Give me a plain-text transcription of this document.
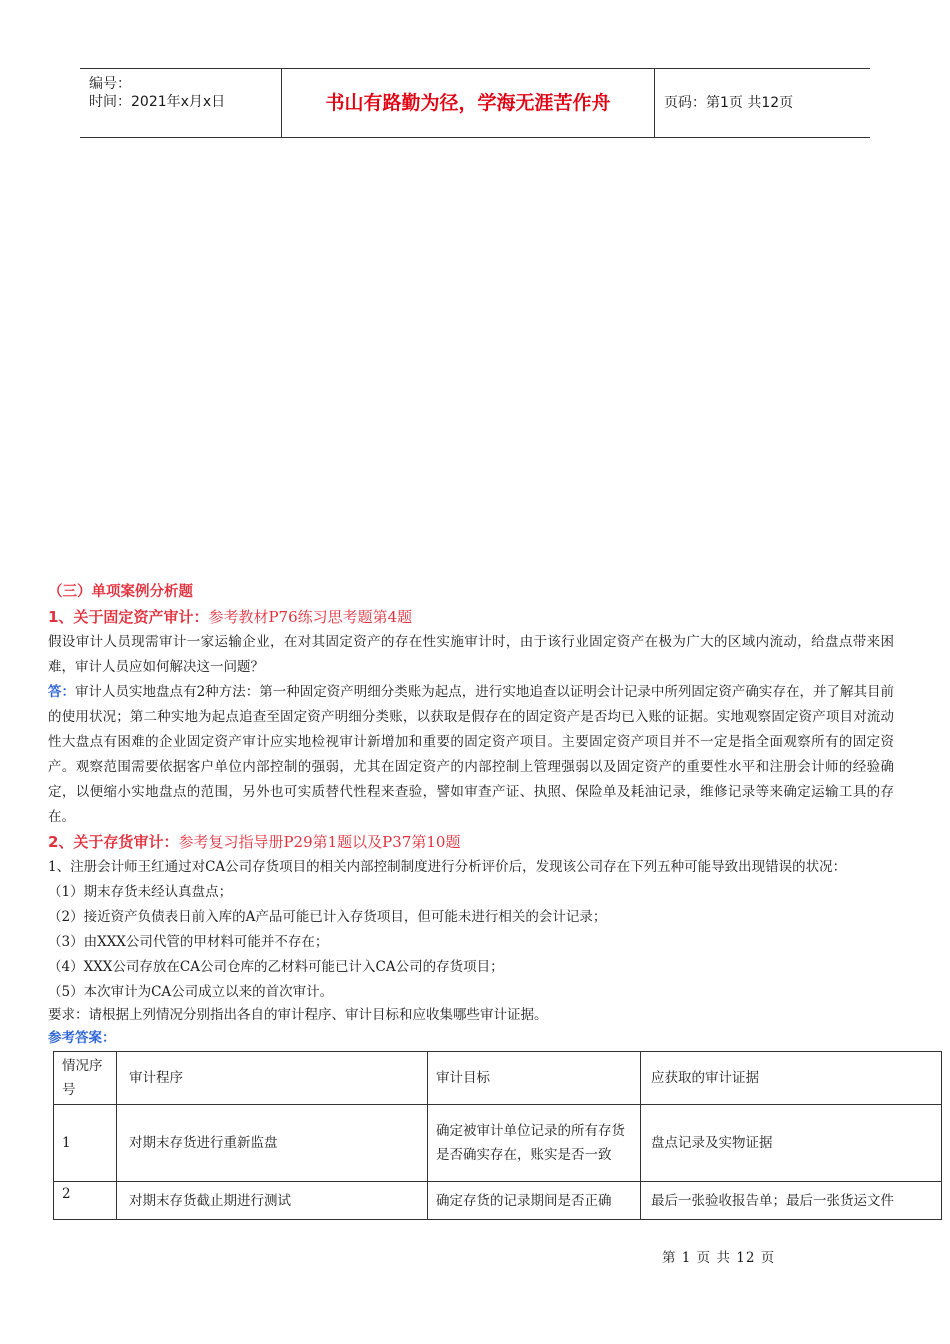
编号：
时间：2021年x月x日	书山有路勤为径，学海无涯苦作舟	页码：第1页 共12页
（三）单项案例分析题
1、关于固定资产审计：参考教材P76练习思考题第4题
假设审计人员现需审计一家运输企业，在对其固定资产的存在性实施审计时，由于该行业固定资产在极为广大的区域内流动，给盘点带来困难，审计人员应如何解决这一问题？
答：审计人员实地盘点有2种方法：第一种固定资产明细分类账为起点，进行实地追查以证明会计记录中所列固定资产确实存在，并了解其目前的使用状况；第二种实地为起点追查至固定资产明细分类账，以获取是假存在的固定资产是否均已入账的证据。实地观察固定资产项目对流动性大盘点有困难的企业固定资产审计应实地检视审计新增加和重要的固定资产项目。主要固定资产项目并不一定是指全面观察所有的固定资产。观察范围需要依据客户单位内部控制的强弱，尤其在固定资产的内部控制上管理强弱以及固定资产的重要性水平和注册会计师的经验确定，以便缩小实地盘点的范围，另外也可实质替代性程来查验，譬如审查产证、执照、保险单及耗油记录，维修记录等来确定运输工具的存在。
2、关于存货审计：参考复习指导册P29第1题以及P37第10题
1、注册会计师王红通过对CA公司存货项目的相关内部控制制度进行分析评价后，发现该公司存在下列五种可能导致出现错误的状况：
（1）期末存货未经认真盘点；
（2）接近资产负债表日前入库的A产品可能已计入存货项目，但可能未进行相关的会计记录；
（3）由XXX公司代管的甲材料可能并不存在；
（4）XXX公司存放在CA公司仓库的乙材料可能已计入CA公司的存货项目；
（5）本次审计为CA公司成立以来的首次审计。
要求：请根据上列情况分别指出各自的审计程序、审计目标和应收集哪些审计证据。
参考答案：
情况序号	审计程序	审计目标	应获取的审计证据
1	对期末存货进行重新监盘	确定被审计单位记录的所有存货是否确实存在，账实是否一致	盘点记录及实物证据
2	对期末存货截止期进行测试	确定存货的记录期间是否正确	最后一张验收报告单；最后一张货运文件
第 1 页 共 12 页
